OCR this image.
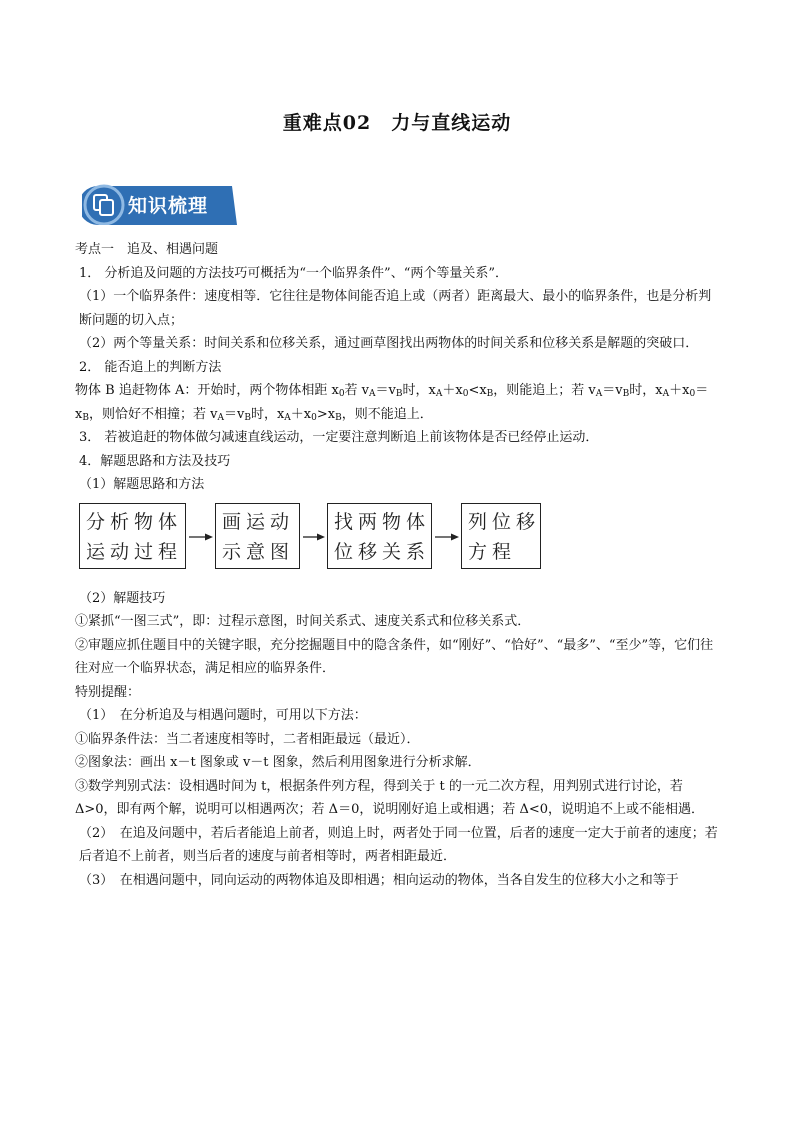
重难点02　力与直线运动
知识梳理

考点一　追及、相遇问题

1． 分析追及问题的方法技巧可概括为“一个临界条件”、“两个等量关系”．

（1）一个临界条件：速度相等．它往往是物体间能否追上或（两者）距离最大、最小的临界条件，也是分析判断问题的切入点；

（2）两个等量关系：时间关系和位移关系，通过画草图找出两物体的时间关系和位移关系是解题的突破口．

2． 能否追上的判断方法

物体 B 追赶物体 A：开始时，两个物体相距 $x_0$若 $v_A=v_B$时，$x_A+x_0<x_B$，则能追上；若 $v_A=v_B$时，$x_A+x_0=x_B$，则恰好不相撞；若 $v_A=v_B$时，$x_A+x_0>x_B$，则不能追上．

3． 若被追赶的物体做匀减速直线运动，一定要注意判断追上前该物体是否已经停止运动．

4．解题思路和方法及技巧

（1）解题思路和方法

分析物体
运动过程
画运动
示意图
找两物体
位移关系
列位移
方程

（2）解题技巧

①紧抓“一图三式”，即：过程示意图，时间关系式、速度关系式和位移关系式．

②审题应抓住题目中的关键字眼，充分挖掘题目中的隐含条件，如“刚好”、“恰好”、“最多”、“至少”等，它们往往对应一个临界状态，满足相应的临界条件．

特别提醒：

（1）　在分析追及与相遇问题时，可用以下方法：

①临界条件法：当二者速度相等时，二者相距最远（最近）．

②图象法：画出 x－t 图象或 v－t 图象，然后利用图象进行分析求解．

③数学判别式法：设相遇时间为 t，根据条件列方程，得到关于 t 的一元二次方程，用判别式进行讨论，若Δ>0，即有两个解，说明可以相遇两次；若 Δ＝0，说明刚好追上或相遇；若 Δ<0，说明追不上或不能相遇．

（2）　在追及问题中，若后者能追上前者，则追上时，两者处于同一位置，后者的速度一定大于前者的速度；若后者追不上前者，则当后者的速度与前者相等时，两者相距最近．

（3）　在相遇问题中，同向运动的两物体追及即相遇；相向运动的物体，当各自发生的位移大小之和等于
